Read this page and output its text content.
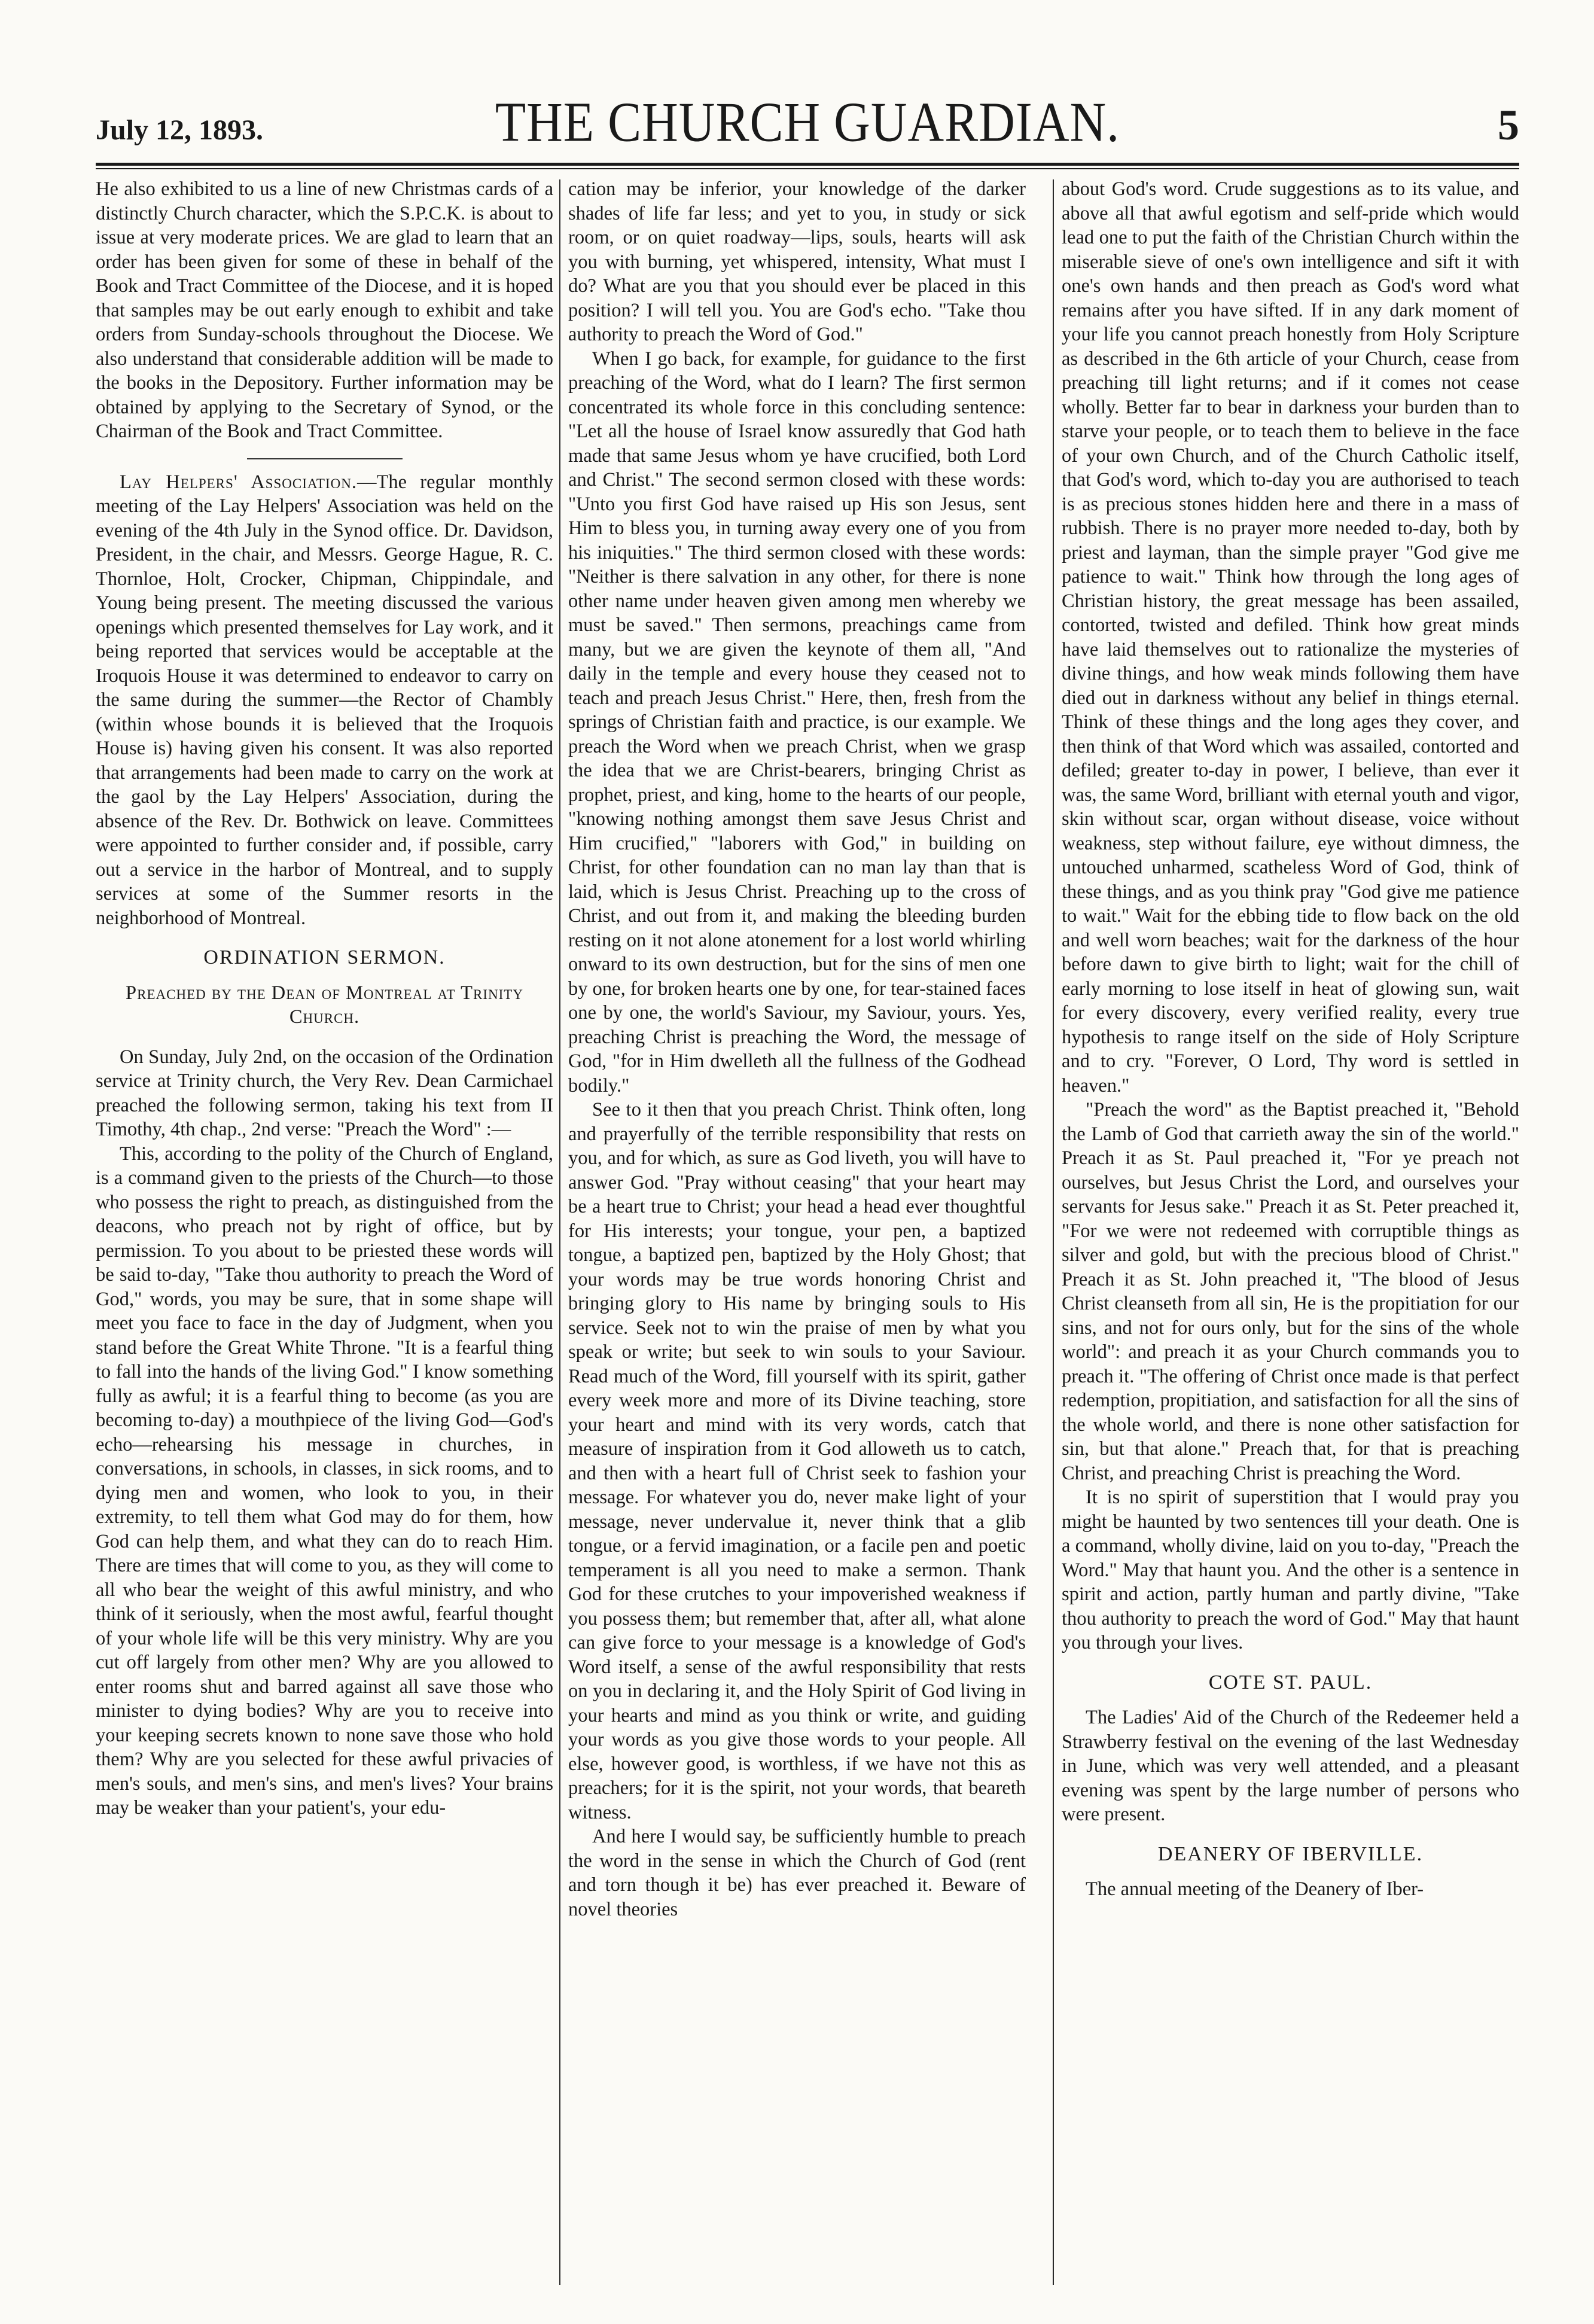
July 12, 1893.	THE CHURCH GUARDIAN.	5

He also exhibited to us a line of new Christmas cards of a distinctly Church character, which the S.P.C.K. is about to issue at very moderate prices. We are glad to learn that an order has been given for some of these in behalf of the Book and Tract Committee of the Diocese, and it is hoped that samples may be out early enough to exhibit and take orders from Sunday-schools throughout the Diocese. We also understand that considerable addition will be made to the books in the Depository. Further information may be obtained by applying to the Secretary of Synod, or the Chairman of the Book and Tract Committee.

Lay Helpers' Association.—The regular monthly meeting of the Lay Helpers' Association was held on the evening of the 4th July in the Synod office. Dr. Davidson, President, in the chair, and Messrs. George Hague, R. C. Thornloe, Holt, Crocker, Chipman, Chippindale, and Young being present. The meeting discussed the various openings which presented themselves for Lay work, and it being reported that services would be acceptable at the Iroquois House it was determined to endeavor to carry on the same during the summer—the Rector of Chambly (within whose bounds it is believed that the Iroquois House is) having given his consent. It was also reported that arrangements had been made to carry on the work at the gaol by the Lay Helpers' Association, during the absence of the Rev. Dr. Bothwick on leave. Committees were appointed to further consider and, if possible, carry out a service in the harbor of Montreal, and to supply services at some of the Summer resorts in the neighborhood of Montreal.

ORDINATION SERMON.
Preached by the Dean of Montreal at Trinity Church.

On Sunday, July 2nd, on the occasion of the Ordination service at Trinity church, the Very Rev. Dean Carmichael preached the following sermon, taking his text from II Timothy, 4th chap., 2nd verse: "Preach the Word" :—

This, according to the polity of the Church of England, is a command given to the priests of the Church—to those who possess the right to preach, as distinguished from the deacons, who preach not by right of office, but by permission. To you about to be priested these words will be said to-day, "Take thou authority to preach the Word of God," words, you may be sure, that in some shape will meet you face to face in the day of Judgment, when you stand before the Great White Throne. "It is a fearful thing to fall into the hands of the living God." I know something fully as awful; it is a fearful thing to become (as you are becoming to-day) a mouthpiece of the living God—God's echo—rehearsing his message in churches, in conversations, in schools, in classes, in sick rooms, and to dying men and women, who look to you, in their extremity, to tell them what God may do for them, how God can help them, and what they can do to reach Him. There are times that will come to you, as they will come to all who bear the weight of this awful ministry, and who think of it seriously, when the most awful, fearful thought of your whole life will be this very ministry. Why are you cut off largely from other men? Why are you allowed to enter rooms shut and barred against all save those who minister to dying bodies? Why are you to receive into your keeping secrets known to none save those who hold them? Why are you selected for these awful privacies of men's souls, and men's sins, and men's lives? Your brains may be weaker than your patient's, your edu-

cation may be inferior, your knowledge of the darker shades of life far less; and yet to you, in study or sick room, or on quiet roadway—lips, souls, hearts will ask you with burning, yet whispered, intensity, What must I do? What are you that you should ever be placed in this position? I will tell you. You are God's echo. "Take thou authority to preach the Word of God."

When I go back, for example, for guidance to the first preaching of the Word, what do I learn? The first sermon concentrated its whole force in this concluding sentence: "Let all the house of Israel know assuredly that God hath made that same Jesus whom ye have crucified, both Lord and Christ." The second sermon closed with these words: "Unto you first God have raised up His son Jesus, sent Him to bless you, in turning away every one of you from his iniquities." The third sermon closed with these words: "Neither is there salvation in any other, for there is none other name under heaven given among men whereby we must be saved." Then sermons, preachings came from many, but we are given the keynote of them all, "And daily in the temple and every house they ceased not to teach and preach Jesus Christ." Here, then, fresh from the springs of Christian faith and practice, is our example. We preach the Word when we preach Christ, when we grasp the idea that we are Christ-bearers, bringing Christ as prophet, priest, and king, home to the hearts of our people, "knowing nothing amongst them save Jesus Christ and Him crucified," "laborers with God," in building on Christ, for other foundation can no man lay than that is laid, which is Jesus Christ. Preaching up to the cross of Christ, and out from it, and making the bleeding burden resting on it not alone atonement for a lost world whirling onward to its own destruction, but for the sins of men one by one, for broken hearts one by one, for tear-stained faces one by one, the world's Saviour, my Saviour, yours. Yes, preaching Christ is preaching the Word, the message of God, "for in Him dwelleth all the fullness of the Godhead bodily."

See to it then that you preach Christ. Think often, long and prayerfully of the terrible responsibility that rests on you, and for which, as sure as God liveth, you will have to answer God. "Pray without ceasing" that your heart may be a heart true to Christ; your head a head ever thoughtful for His interests; your tongue, your pen, a baptized tongue, a baptized pen, baptized by the Holy Ghost; that your words may be true words honoring Christ and bringing glory to His name by bringing souls to His service. Seek not to win the praise of men by what you speak or write; but seek to win souls to your Saviour. Read much of the Word, fill yourself with its spirit, gather every week more and more of its Divine teaching, store your heart and mind with its very words, catch that measure of inspiration from it God alloweth us to catch, and then with a heart full of Christ seek to fashion your message. For whatever you do, never make light of your message, never undervalue it, never think that a glib tongue, or a fervid imagination, or a facile pen and poetic temperament is all you need to make a sermon. Thank God for these crutches to your impoverished weakness if you possess them; but remember that, after all, what alone can give force to your message is a knowledge of God's Word itself, a sense of the awful responsibility that rests on you in declaring it, and the Holy Spirit of God living in your hearts and mind as you think or write, and guiding your words as you give those words to your people. All else, however good, is worthless, if we have not this as preachers; for it is the spirit, not your words, that beareth witness.

And here I would say, be sufficiently humble to preach the word in the sense in which the Church of God (rent and torn though it be) has ever preached it. Beware of novel theories

about God's word. Crude suggestions as to its value, and above all that awful egotism and self-pride which would lead one to put the faith of the Christian Church within the miserable sieve of one's own intelligence and sift it with one's own hands and then preach as God's word what remains after you have sifted. If in any dark moment of your life you cannot preach honestly from Holy Scripture as described in the 6th article of your Church, cease from preaching till light returns; and if it comes not cease wholly. Better far to bear in darkness your burden than to starve your people, or to teach them to believe in the face of your own Church, and of the Church Catholic itself, that God's word, which to-day you are authorised to teach is as precious stones hidden here and there in a mass of rubbish. There is no prayer more needed to-day, both by priest and layman, than the simple prayer "God give me patience to wait." Think how through the long ages of Christian history, the great message has been assailed, contorted, twisted and defiled. Think how great minds have laid themselves out to rationalize the mysteries of divine things, and how weak minds following them have died out in darkness without any belief in things eternal. Think of these things and the long ages they cover, and then think of that Word which was assailed, contorted and defiled; greater to-day in power, I believe, than ever it was, the same Word, brilliant with eternal youth and vigor, skin without scar, organ without disease, voice without weakness, step without failure, eye without dimness, the untouched unharmed, scatheless Word of God, think of these things, and as you think pray "God give me patience to wait." Wait for the ebbing tide to flow back on the old and well worn beaches; wait for the darkness of the hour before dawn to give birth to light; wait for the chill of early morning to lose itself in heat of glowing sun, wait for every discovery, every verified reality, every true hypothesis to range itself on the side of Holy Scripture and to cry. "Forever, O Lord, Thy word is settled in heaven."

"Preach the word" as the Baptist preached it, "Behold the Lamb of God that carrieth away the sin of the world." Preach it as St. Paul preached it, "For ye preach not ourselves, but Jesus Christ the Lord, and ourselves your servants for Jesus sake." Preach it as St. Peter preached it, "For we were not redeemed with corruptible things as silver and gold, but with the precious blood of Christ." Preach it as St. John preached it, "The blood of Jesus Christ cleanseth from all sin, He is the propitiation for our sins, and not for ours only, but for the sins of the whole world": and preach it as your Church commands you to preach it. "The offering of Christ once made is that perfect redemption, propitiation, and satisfaction for all the sins of the whole world, and there is none other satisfaction for sin, but that alone." Preach that, for that is preaching Christ, and preaching Christ is preaching the Word.

It is no spirit of superstition that I would pray you might be haunted by two sentences till your death. One is a command, wholly divine, laid on you to-day, "Preach the Word." May that haunt you. And the other is a sentence in spirit and action, partly human and partly divine, "Take thou authority to preach the word of God." May that haunt you through your lives.

COTE ST. PAUL.

The Ladies' Aid of the Church of the Redeemer held a Strawberry festival on the evening of the last Wednesday in June, which was very well attended, and a pleasant evening was spent by the large number of persons who were present.

DEANERY OF IBERVILLE.

The annual meeting of the Deanery of Iber-
